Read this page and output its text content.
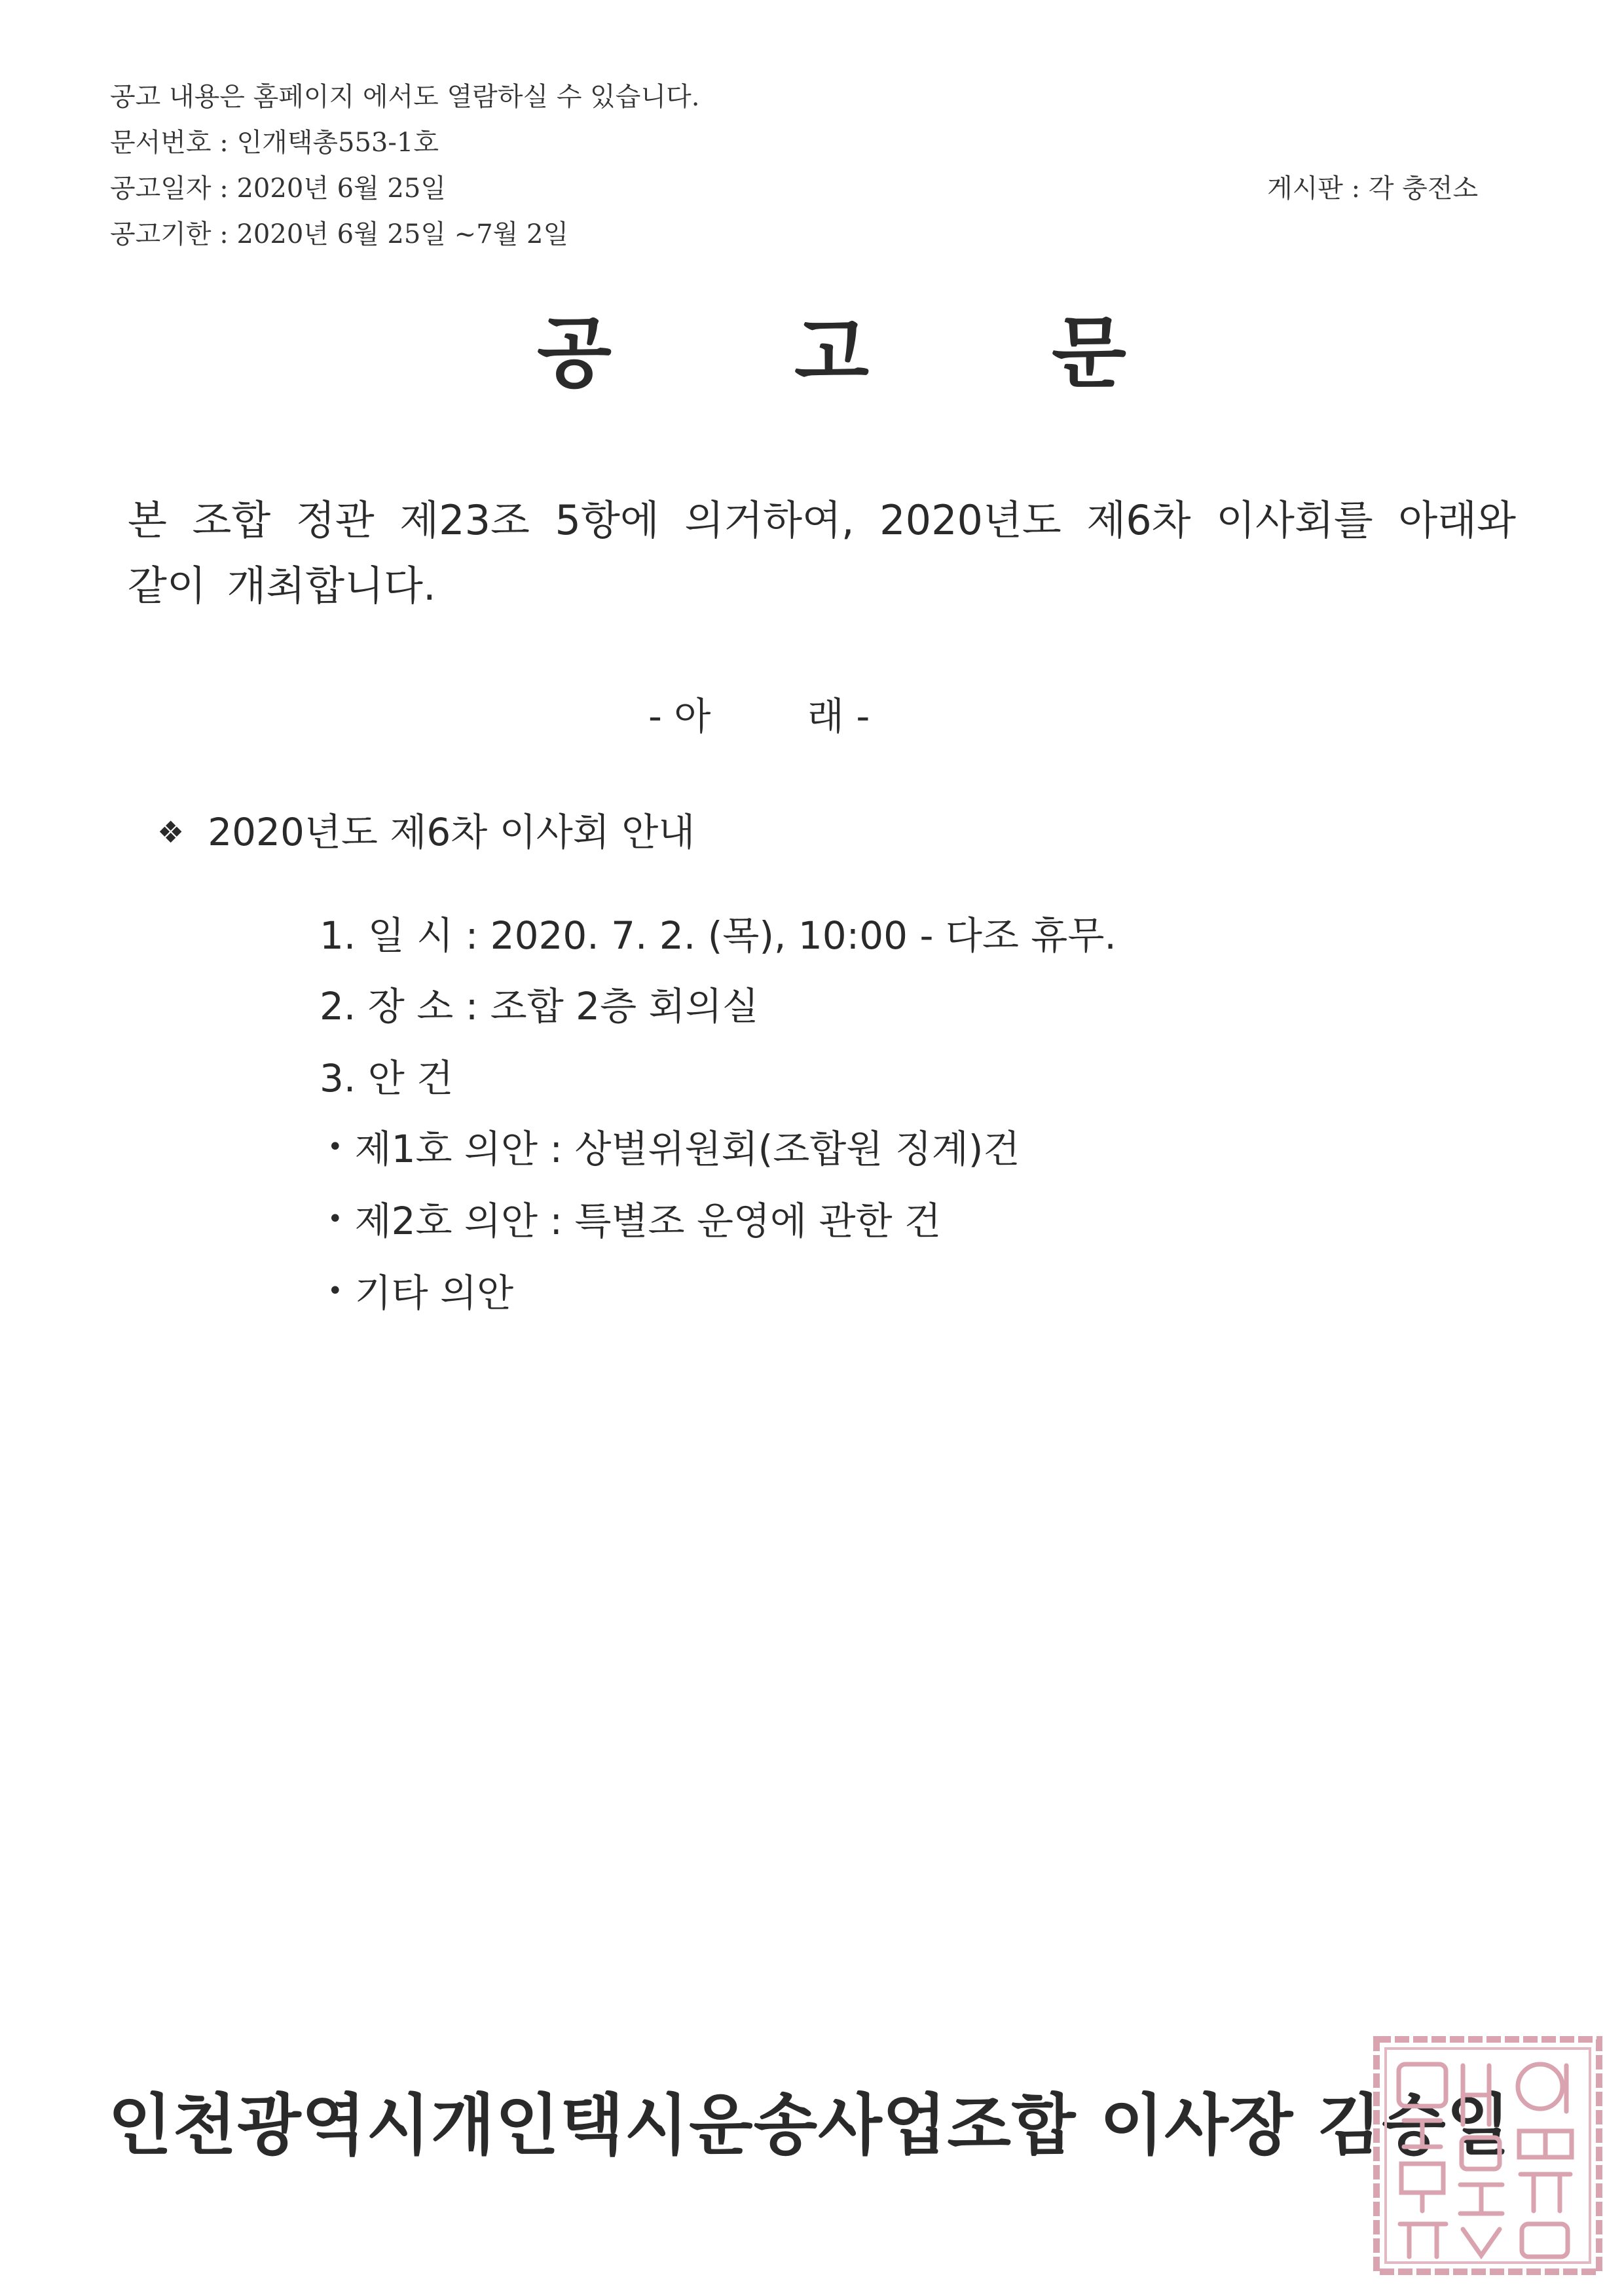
공고 내용은 홈페이지 에서도 열람하실 수 있습니다.
문서번호 : 인개택총553-1호
공고일자 : 2020년 6월 25일
공고기한 : 2020년 6월 25일 ~7월 2일
게시판 : 각 충전소
공 고 문
본 조합 정관 제23조 5항에 의거하여, 2020년도 제6차 이사회를 아래와 같이 개최합니다.
- 아        래 -
❖ 2020년도 제6차 이사회 안내
1. 일 시 : 2020. 7. 2. (목), 10:00 - 다조 휴무.
2. 장 소 : 조합 2층 회의실
3. 안 건
• 제1호 의안 : 상벌위원회(조합원 징계)건
• 제2호 의안 : 특별조 운영에 관한 건
• 기타 의안
인천광역시개인택시운송사업조합 이사장 김승일
